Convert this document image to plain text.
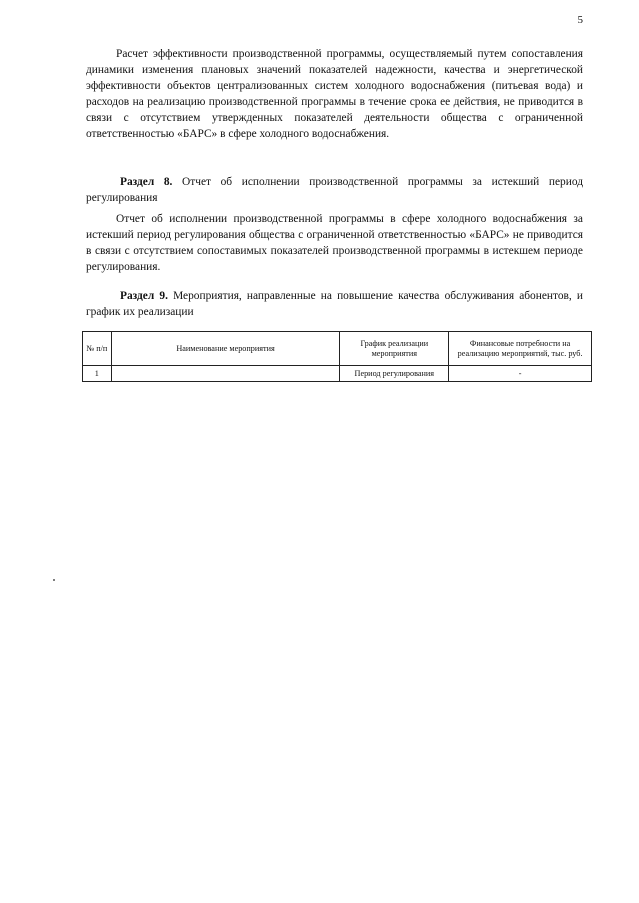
5

Расчет эффективности производственной программы, осуществляемый путем сопоставления динамики изменения плановых значений показателей надежности, качества и энергетической эффективности объектов централизованных систем холодного водоснабжения (питьевая вода) и расходов на реализацию производственной программы в течение срока ее действия, не приводится в связи с отсутствием утвержденных показателей деятельности общества с ограниченной ответственностью «БАРС» в сфере холодного водоснабжения.

Раздел 8. Отчет об исполнении производственной программы за истекший период регулирования

Отчет об исполнении производственной программы в сфере холодного водоснабжения за истекший период регулирования общества с ограниченной ответственностью «БАРС» не приводится в связи с отсутствием сопоставимых показателей производственной программы в истекшем периоде регулирования.

Раздел 9. Мероприятия, направленные на повышение качества обслуживания абонентов, и график их реализации

№ п/п	Наименование мероприятия	График реализации мероприятия	Финансовые потребности на реализацию мероприятий, тыс. руб.
1		Период регулирования	-
